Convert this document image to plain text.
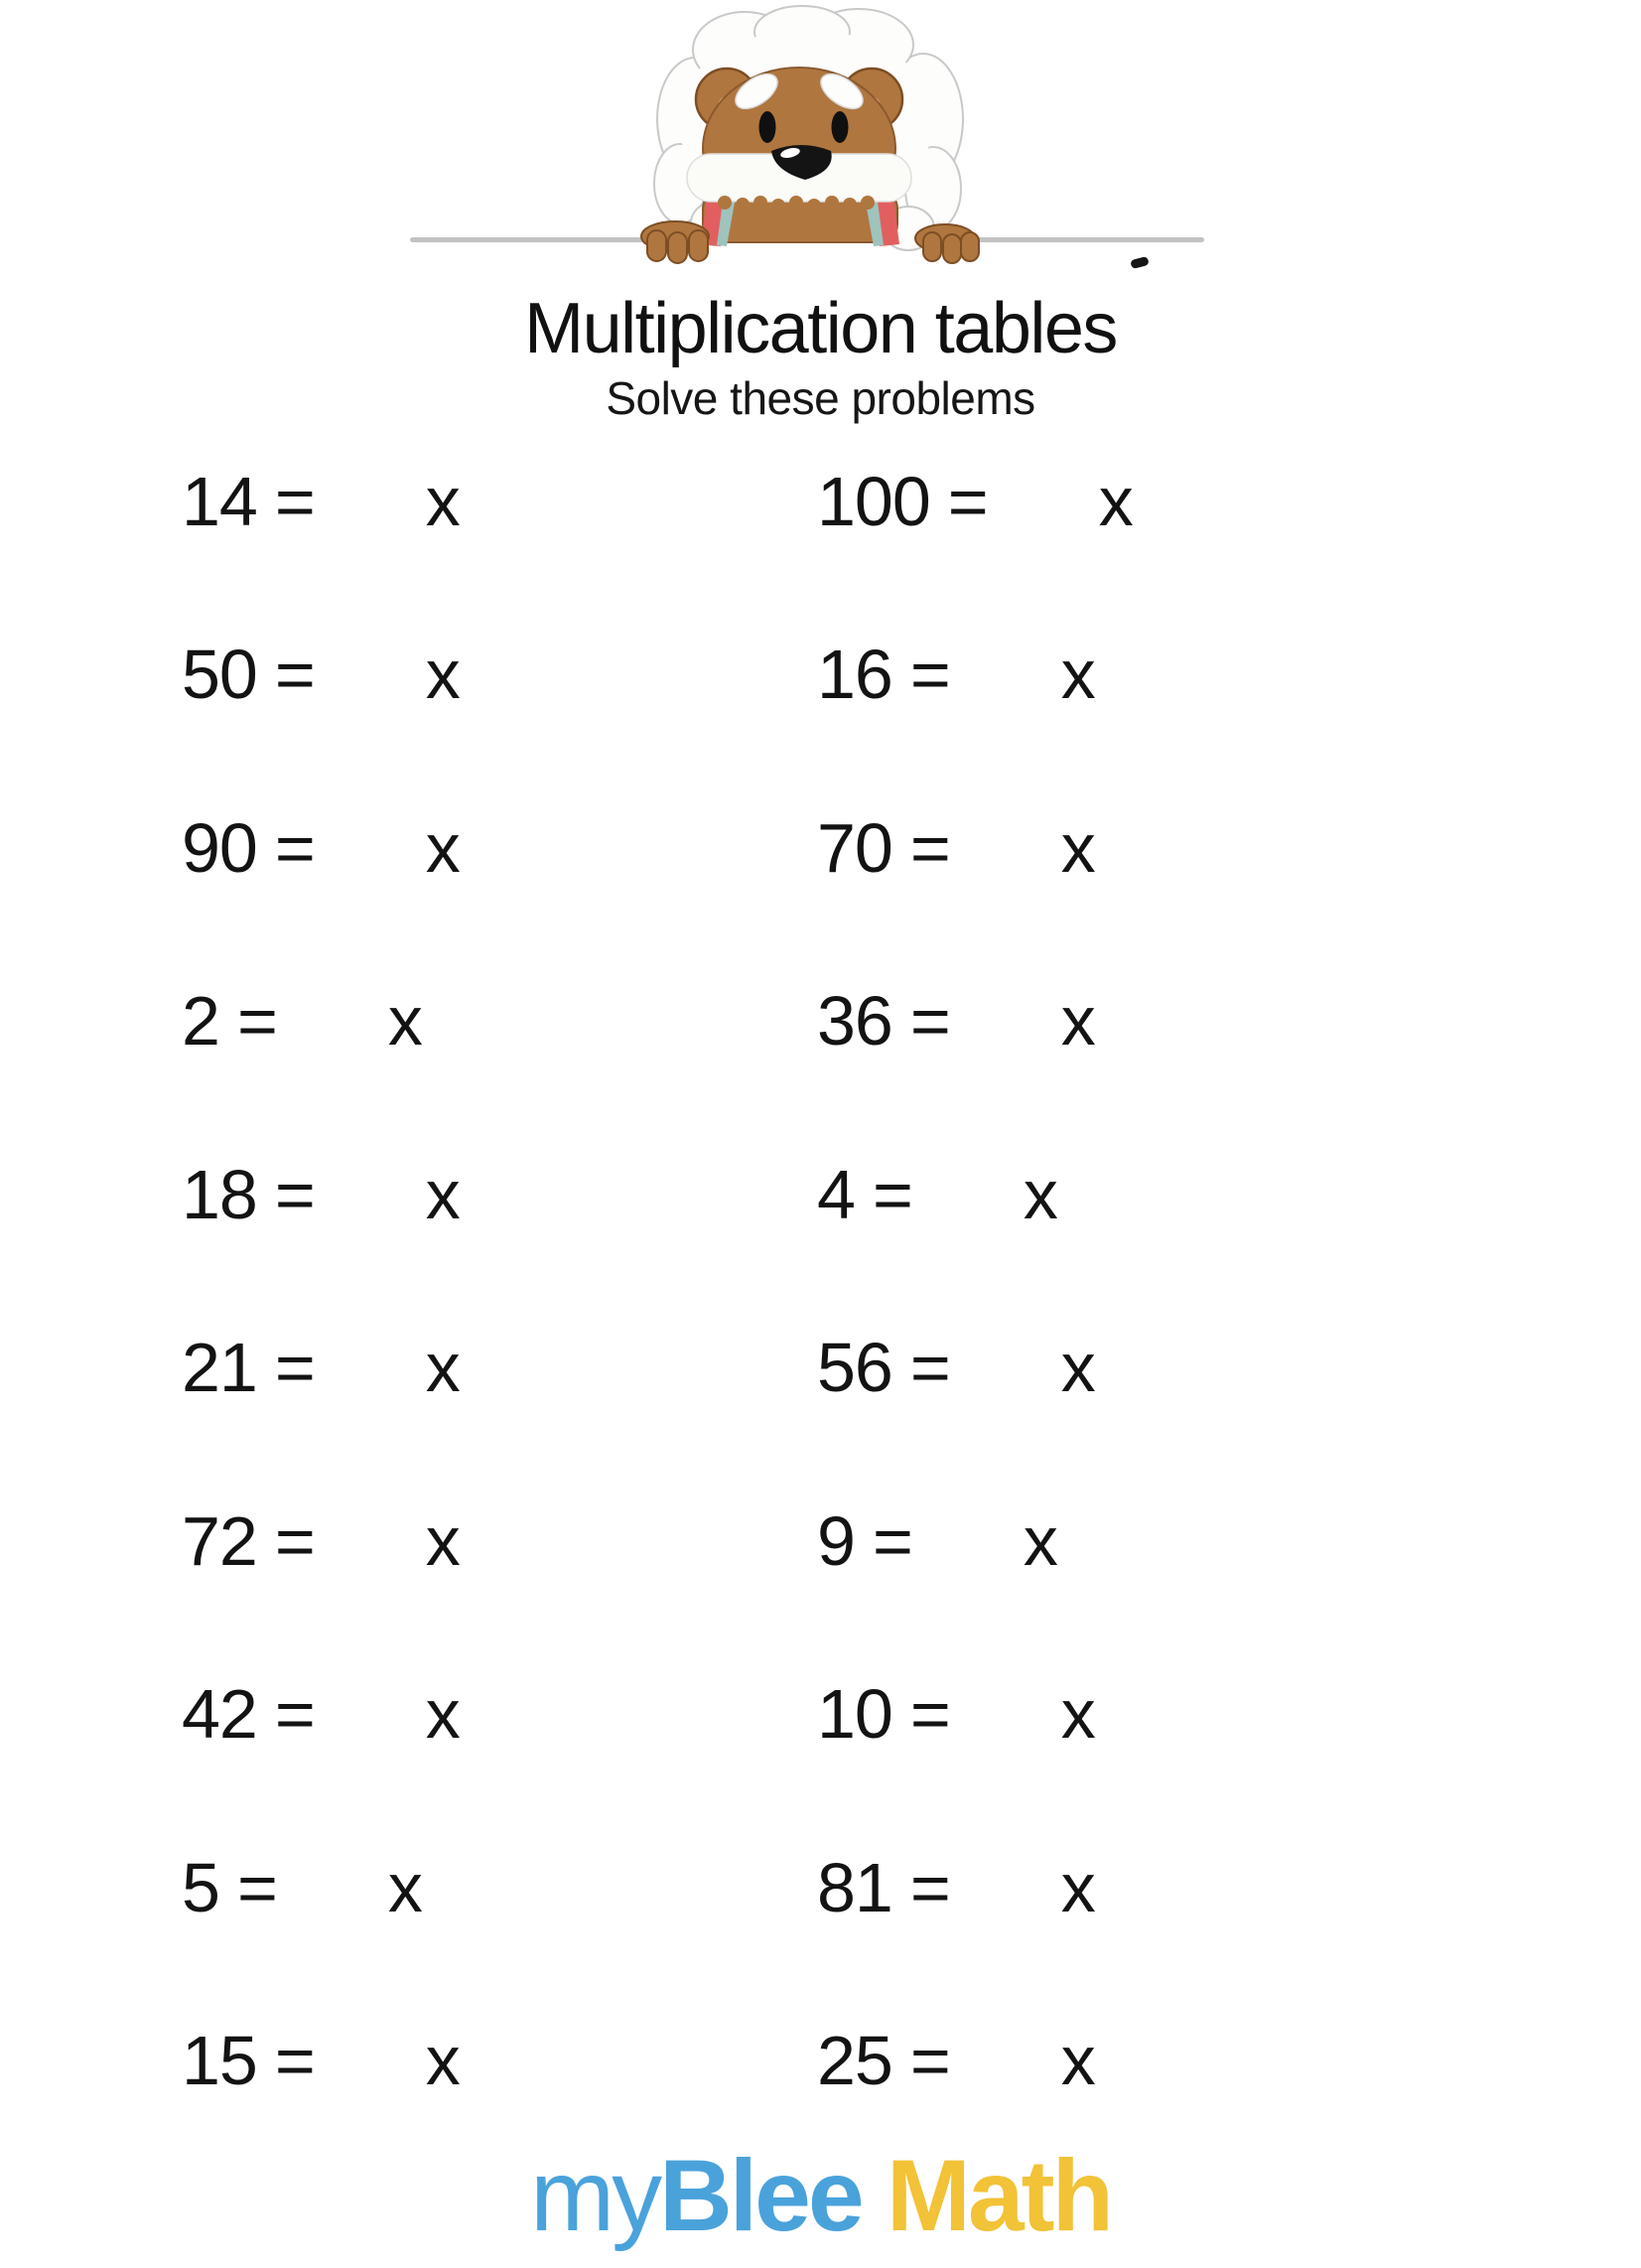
Multiplication tables
Solve these problems
14 = x	100 = x
50 = x	16 = x
90 = x	70 = x
2 = x	36 = x
18 = x	4 = x
21 = x	56 = x
72 = x	9 = x
42 = x	10 = x
5 = x	81 = x
15 = x	25 = x
myBlee Math
